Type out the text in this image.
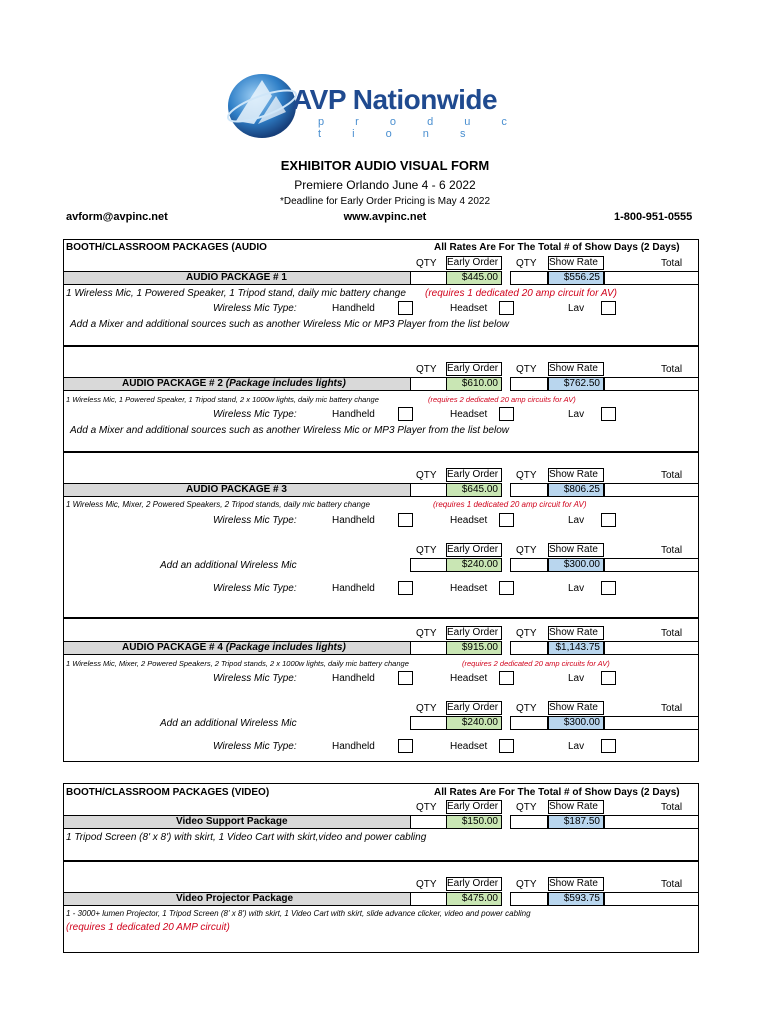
AVP Nationwide
p r o d u c t i o n s
EXHIBITOR AUDIO VISUAL FORM
Premiere Orlando June 4 - 6 2022
*Deadline for Early Order Pricing is May 4 2022
avform@avpinc.net	www.avpinc.net	1-800-951-0555
BOOTH/CLASSROOM PACKAGES (AUDIO	All Rates Are For The Total # of Show Days (2 Days)
QTY Early Order	QTY Show Rate	Total
AUDIO PACKAGE # 1	$445.00	$556.25
1 Wireless Mic, 1 Powered Speaker, 1 Tripod stand, daily mic battery change (requires 1 dedicated 20 amp circuit for AV)
Wireless Mic Type:	Handheld	Headset	Lav
Add a Mixer and additional sources such as another Wireless Mic or MP3 Player from the list below
QTY Early Order	QTY Show Rate	Total
AUDIO PACKAGE # 2 (Package includes lights)	$610.00	$762.50
1 Wireless Mic, 1 Powered Speaker, 1 Tripod stand, 2 x 1000w lights, daily mic battery change	(requires 2 dedicated 20 amp circuits for AV)
Wireless Mic Type:	Handheld	Headset	Lav
Add a Mixer and additional sources such as another Wireless Mic or MP3 Player from the list below
QTY Early Order	QTY Show Rate	Total
AUDIO PACKAGE # 3	$645.00	$806.25
1 Wireless Mic, Mixer, 2 Powered Speakers, 2 Tripod stands, daily mic battery change	(requires 1 dedicated 20 amp circuit for AV)
Wireless Mic Type:	Handheld	Headset	Lav
QTY Early Order	QTY Show Rate	Total
Add an additional Wireless Mic	$240.00	$300.00
Wireless Mic Type:	Handheld	Headset	Lav
QTY Early Order	QTY Show Rate	Total
AUDIO PACKAGE # 4 (Package includes lights)	$915.00	$1,143.75
1 Wireless Mic, Mixer, 2 Powered Speakers, 2 Tripod stands, 2 x 1000w lights, daily mic battery change	(requires 2 dedicated 20 amp circuits for AV)
Wireless Mic Type:	Handheld	Headset	Lav
QTY Early Order	QTY Show Rate	Total
Add an additional Wireless Mic	$240.00	$300.00
Wireless Mic Type:	Handheld	Headset	Lav
BOOTH/CLASSROOM PACKAGES (VIDEO)	All Rates Are For The Total # of Show Days (2 Days)
QTY Early Order	QTY Show Rate	Total
Video Support Package	$150.00	$187.50
1 Tripod Screen (8' x 8') with skirt, 1 Video Cart with skirt,video and power cabling
QTY Early Order	QTY Show Rate	Total
Video Projector Package	$475.00	$593.75
1 - 3000+ lumen Projector, 1 Tripod Screen (8' x 8') with skirt, 1 Video Cart with skirt, slide advance clicker, video and power cabling
(requires 1 dedicated 20 AMP circuit)
